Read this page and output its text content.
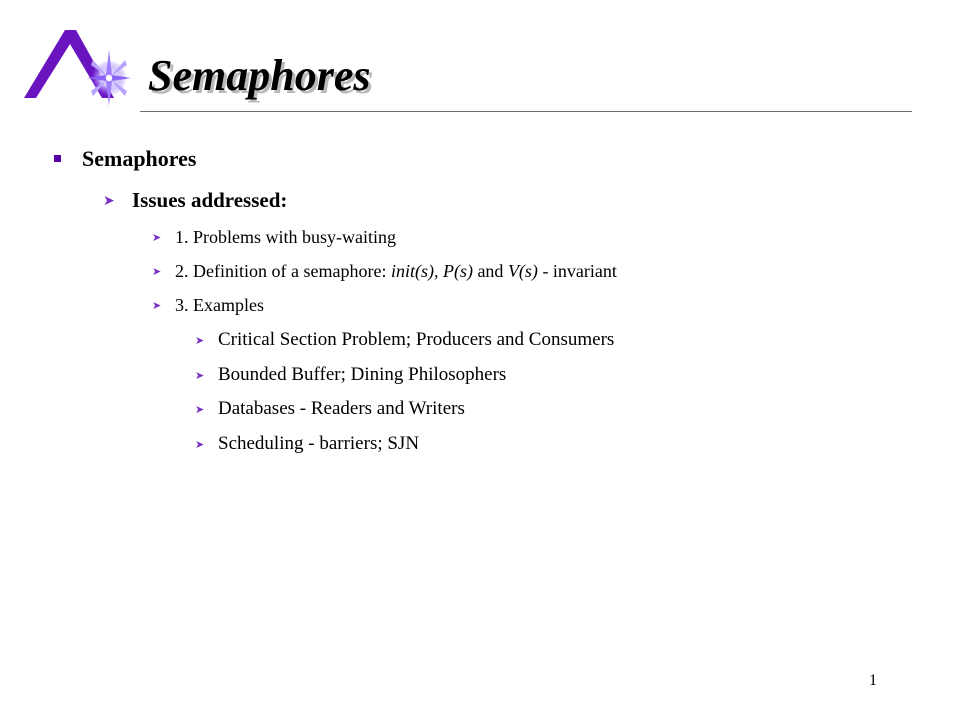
Semaphores
Semaphores
➤ Issues addressed:
➤ 1. Problems with busy-waiting
➤ 2. Definition of a semaphore: init(s), P(s) and V(s) - invariant
➤ 3. Examples
➤ Critical Section Problem; Producers and Consumers
➤ Bounded Buffer; Dining Philosophers
➤ Databases - Readers and Writers
➤ Scheduling - barriers; SJN
1
